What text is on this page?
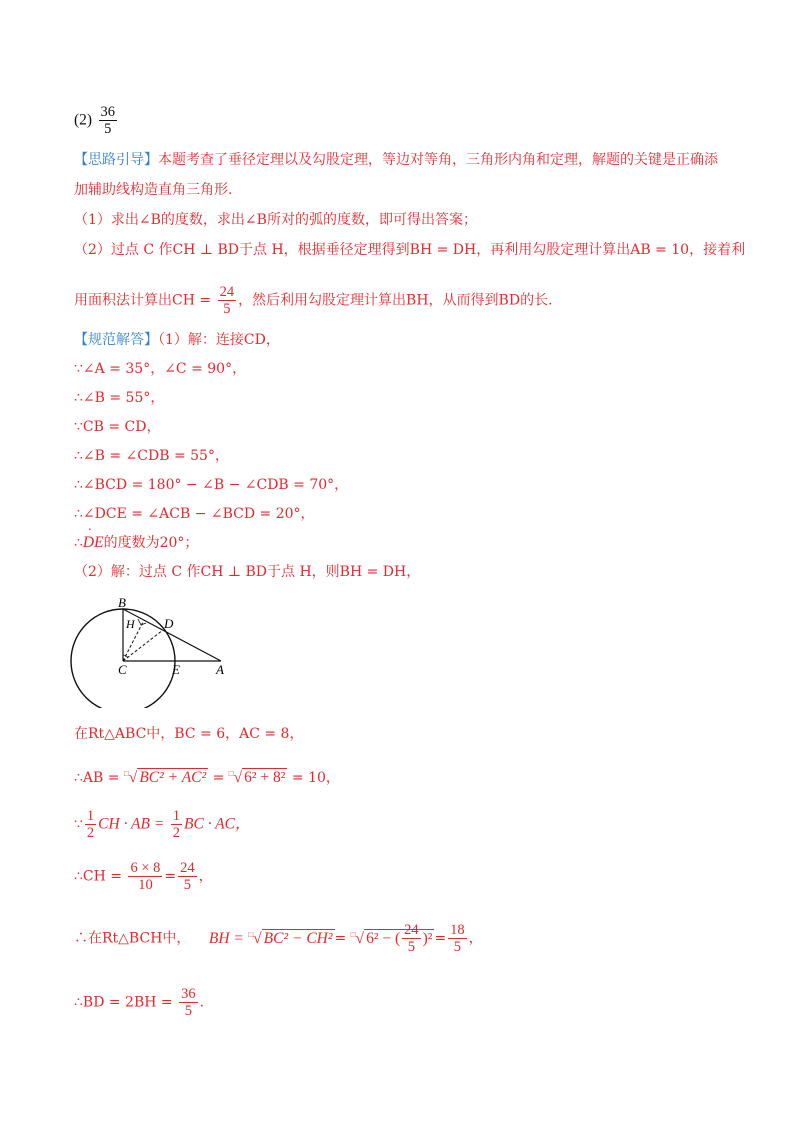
$(2) \frac{36}{5}$
【思路引导】本题考查了垂径定理以及勾股定理，等边对等角，三角形内角和定理，解题的关键是正确添
加辅助线构造直角三角形.
（1）求出∠B的度数，求出∠B所对的弧的度数，即可得出答案；
（2）过点 C 作CH ⊥ BD于点 H，根据垂径定理得到BH = DH，再利用勾股定理计算出AB = 10，接着利
用面积法计算出CH = $\frac{24}{5}$ ，然后利用勾股定理计算出BH，从而得到BD的长.
【规范解答】（1）解：连接CD，
∵∠A = 35°，∠C = 90°，
∴∠B = 55°，
∵CB = CD，
∴∠B = ∠CDB = 55°，
∴∠BCD = 180° − ∠B − ∠CDB = 70°，
∴∠DCE = ∠ACB − ∠BCD = 20°，
∴· DE的度数为20°；
（2）解：过点 C 作CH ⊥ BD于点 H，则BH = DH，
B
H D
C	E	A
在Rt△ABC中，BC = 6，AC = 8，
∴AB = □√ BC² + AC² = □√ 6² + 8² = 10，
∵ $\frac{1}{2}$ CH · AB = $\frac{1}{2}$ BC · AC，
∴CH = $\frac{6 \times 8}{10} = \frac{24}{5}$ ，
∴在Rt△BCH中， BH = □√ BC² − CH² = □√ 6² − ( $\frac{24}{5} )^2 = \frac{18}{5}$ ，
∴BD = $2BH = \frac{36}{5}$ .
